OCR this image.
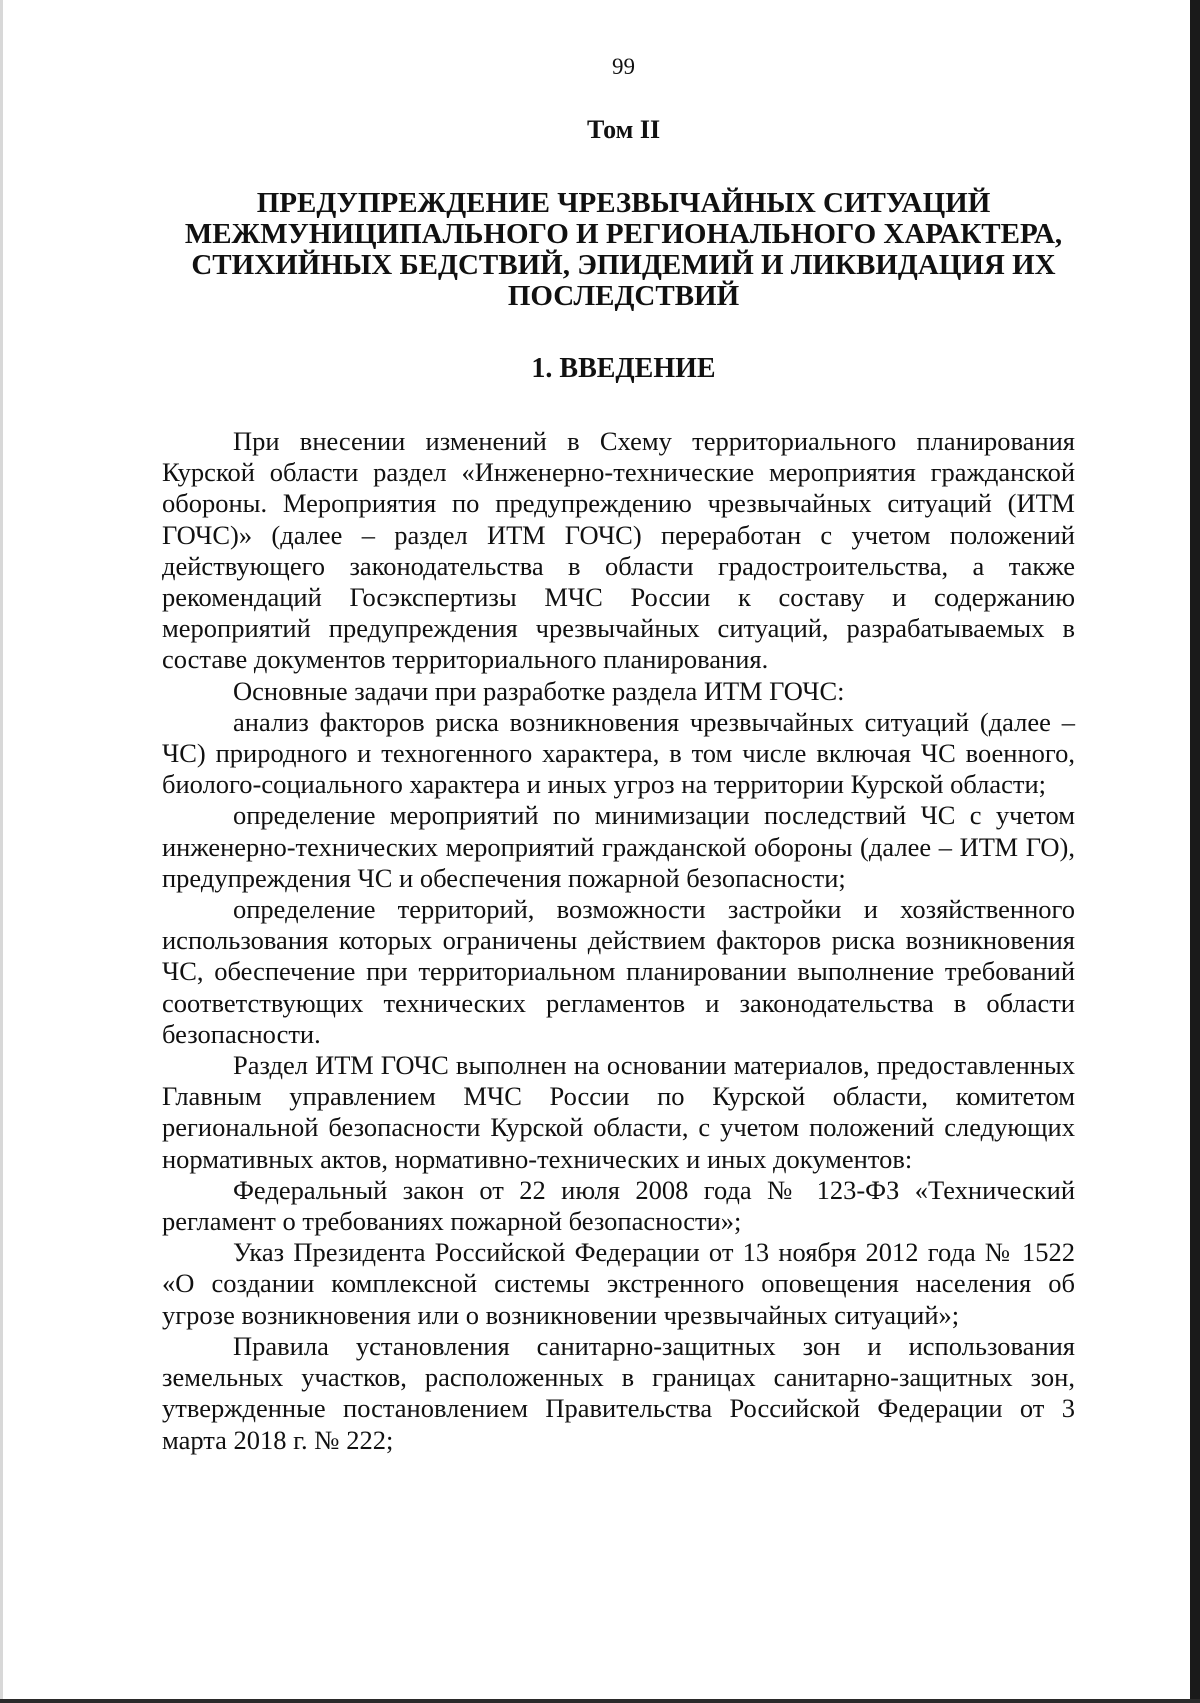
99
Том II
ПРЕДУПРЕЖДЕНИЕ ЧРЕЗВЫЧАЙНЫХ СИТУАЦИЙ
МЕЖМУНИЦИПАЛЬНОГО И РЕГИОНАЛЬНОГО ХАРАКТЕРА,
СТИХИЙНЫХ БЕДСТВИЙ, ЭПИДЕМИЙ И ЛИКВИДАЦИЯ ИХ
ПОСЛЕДСТВИЙ
1. ВВЕДЕНИЕ

При внесении изменений в Схему территориального планирования Курской области раздел «Инженерно-технические мероприятия гражданской обороны. Мероприятия по предупреждению чрезвычайных ситуаций (ИТМ ГОЧС)» (далее – раздел ИТМ ГОЧС) переработан с учетом положений действующего законодательства в области градостроительства, а также рекомендаций Госэкспертизы МЧС России к составу и содержанию мероприятий предупреждения чрезвычайных ситуаций, разрабатываемых в составе документов территориального планирования.

Основные задачи при разработке раздела ИТМ ГОЧС:

анализ факторов риска возникновения чрезвычайных ситуаций (далее – ЧС) природного и техногенного характера, в том числе включая ЧС военного, биолого-социального характера и иных угроз на территории Курской области;

определение мероприятий по минимизации последствий ЧС с учетом инженерно-технических мероприятий гражданской обороны (далее – ИТМ ГО), предупреждения ЧС и обеспечения пожарной безопасности;

определение территорий, возможности застройки и хозяйственного использования которых ограничены действием факторов риска возникновения ЧС, обеспечение при территориальном планировании выполнение требований соответствующих технических регламентов и законодательства в области безопасности.

Раздел ИТМ ГОЧС выполнен на основании материалов, предоставленных Главным управлением МЧС России по Курской области, комитетом региональной безопасности Курской области, с учетом положений следующих нормативных актов, нормативно-технических и иных документов:

Федеральный закон от 22 июля 2008 года № 123-ФЗ «Технический регламент о требованиях пожарной безопасности»;

Указ Президента Российской Федерации от 13 ноября 2012 года № 1522 «О создании комплексной системы экстренного оповещения населения об угрозе возникновения или о возникновении чрезвычайных ситуаций»;

Правила установления санитарно-защитных зон и использования земельных участков, расположенных в границах санитарно-защитных зон, утвержденные постановлением Правительства Российской Федерации от 3 марта 2018 г. № 222;
